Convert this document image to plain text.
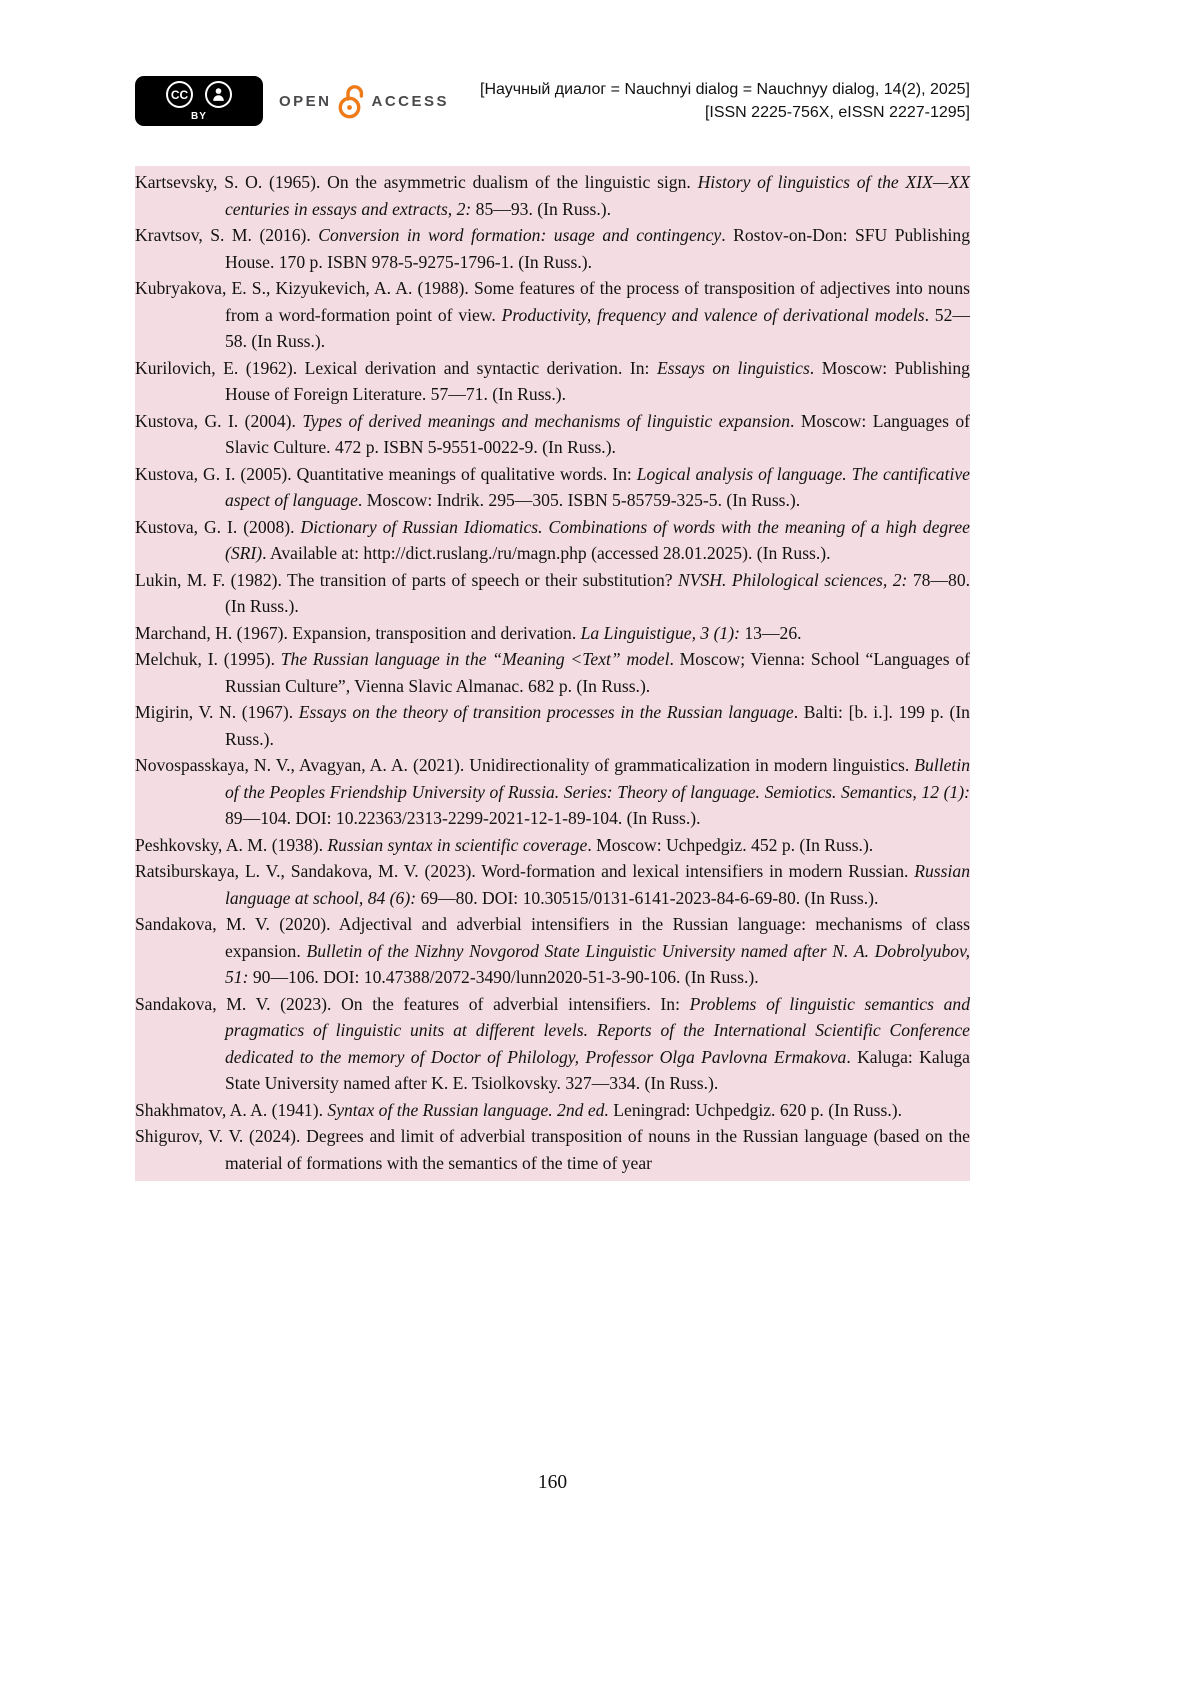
CC
BY
OPEN	ACCESS
[Научный диалог = Nauchnyi dialog = Nauchnyy dialog, 14(2), 2025]
[ISSN 2225-756X, eISSN 2227-1295]

Kartsevsky, S. O. (1965). On the asymmetric dualism of the linguistic sign. History of linguistics of the XIX—XX centuries in essays and extracts, 2: 85—93. (In Russ.).

Kravtsov, S. M. (2016). Conversion in word formation: usage and contingency. Rostov-on-Don: SFU Publishing House. 170 p. ISBN 978-5-9275-1796-1. (In Russ.).

Kubryakova, E. S., Kizyukevich, A. A. (1988). Some features of the process of transposition of adjectives into nouns from a word-formation point of view. Productivity, frequency and valence of derivational models. 52—58. (In Russ.).

Kurilovich, E. (1962). Lexical derivation and syntactic derivation. In: Essays on linguistics. Moscow: Publishing House of Foreign Literature. 57—71. (In Russ.).

Kustova, G. I. (2004). Types of derived meanings and mechanisms of linguistic expansion. Moscow: Languages of Slavic Culture. 472 p. ISBN 5-9551-0022-9. (In Russ.).

Kustova, G. I. (2005). Quantitative meanings of qualitative words. In: Logical analysis of language. The cantificative aspect of language. Moscow: Indrik. 295—305. ISBN 5-85759-325-5. (In Russ.).

Kustova, G. I. (2008). Dictionary of Russian Idiomatics. Combinations of words with the meaning of a high degree (SRI). Available at: http://dict.ruslang./ru/magn.php (accessed 28.01.2025). (In Russ.).

Lukin, M. F. (1982). The transition of parts of speech or their substitution? NVSH. Philological sciences, 2: 78—80. (In Russ.).

Marchand, H. (1967). Expansion, transposition and derivation. La Linguistigue, 3 (1): 13—26.

Melchuk, I. (1995). The Russian language in the “Meaning <Text” model. Moscow; Vienna: School “Languages of Russian Culture”, Vienna Slavic Almanac. 682 p. (In Russ.).

Migirin, V. N. (1967). Essays on the theory of transition processes in the Russian language. Balti: [b. i.]. 199 p. (In Russ.).

Novospasskaya, N. V., Avagyan, A. A. (2021). Unidirectionality of grammaticalization in modern linguistics. Bulletin of the Peoples Friendship University of Russia. Series: Theory of language. Semiotics. Semantics, 12 (1): 89—104. DOI: 10.22363/2313-2299-2021-12-1-89-104. (In Russ.).

Peshkovsky, A. M. (1938). Russian syntax in scientific coverage. Moscow: Uchpedgiz. 452 p. (In Russ.).

Ratsiburskaya, L. V., Sandakova, M. V. (2023). Word-formation and lexical intensifiers in modern Russian. Russian language at school, 84 (6): 69—80. DOI: 10.30515/0131-6141-2023-84-6-69-80. (In Russ.).

Sandakova, M. V. (2020). Adjectival and adverbial intensifiers in the Russian language: mechanisms of class expansion. Bulletin of the Nizhny Novgorod State Linguistic University named after N. A. Dobrolyubov, 51: 90—106. DOI: 10.47388/2072-3490/lunn2020-51-3-90-106. (In Russ.).

Sandakova, M. V. (2023). On the features of adverbial intensifiers. In: Problems of linguistic semantics and pragmatics of linguistic units at different levels. Reports of the International Scientific Conference dedicated to the memory of Doctor of Philology, Professor Olga Pavlovna Ermakova. Kaluga: Kaluga State University named after K. E. Tsiolkovsky. 327—334. (In Russ.).

Shakhmatov, A. A. (1941). Syntax of the Russian language. 2nd ed. Leningrad: Uchpedgiz. 620 p. (In Russ.).

Shigurov, V. V. (2024). Degrees and limit of adverbial transposition of nouns in the Russian language (based on the material of formations with the semantics of the time of year

160
